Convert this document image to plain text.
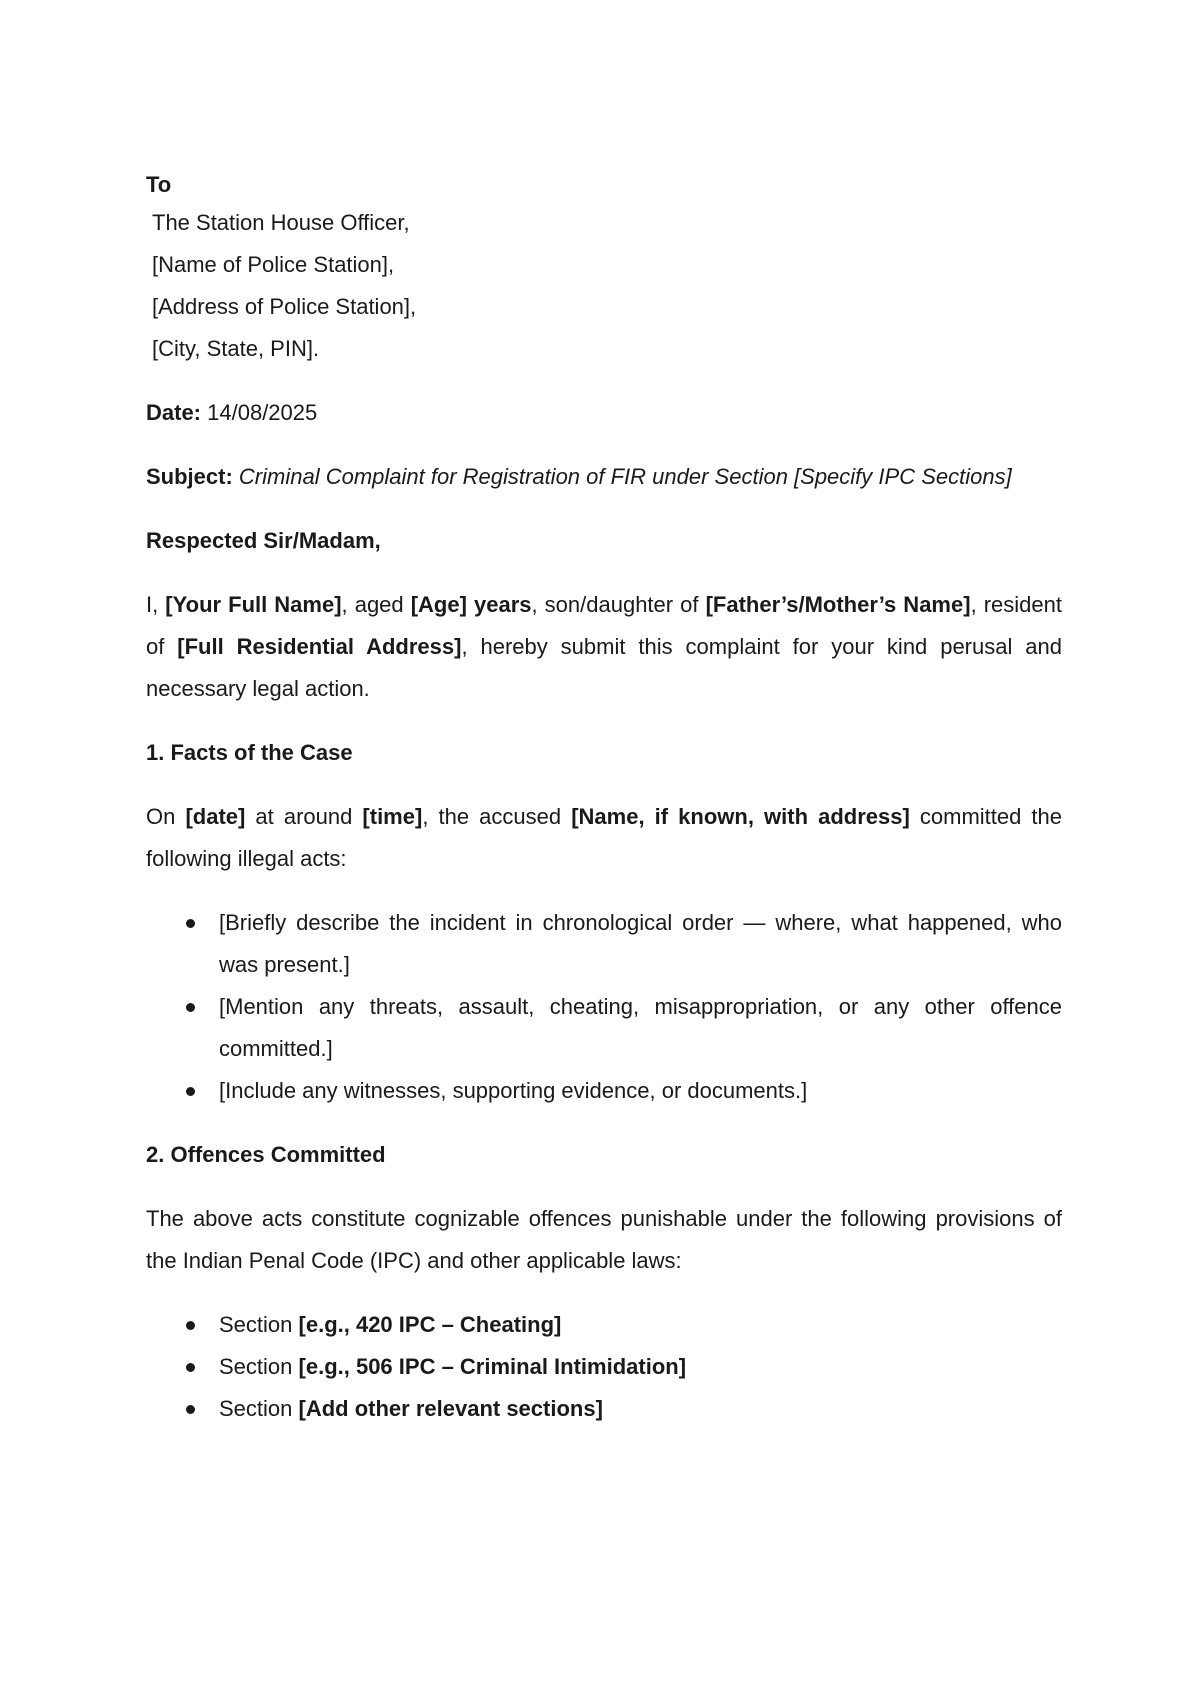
To

The Station House Officer,

[Name of Police Station],

[Address of Police Station],

[City, State, PIN].

Date: 14/08/2025

Subject: Criminal Complaint for Registration of FIR under Section [Specify IPC Sections]

Respected Sir/Madam,

I, [Your Full Name], aged [Age] years, son/daughter of [Father’s/Mother’s Name], resident of [Full Residential Address], hereby submit this complaint for your kind perusal and necessary legal action.

1. Facts of the Case

On [date] at around [time], the accused [Name, if known, with address] committed the following illegal acts:

[Briefly describe the incident in chronological order — where, what happened, who was present.]
[Mention any threats, assault, cheating, misappropriation, or any other offence committed.]
[Include any witnesses, supporting evidence, or documents.]

2. Offences Committed

The above acts constitute cognizable offences punishable under the following provisions of the Indian Penal Code (IPC) and other applicable laws:

Section [e.g., 420 IPC – Cheating]
Section [e.g., 506 IPC – Criminal Intimidation]
Section [Add other relevant sections]
